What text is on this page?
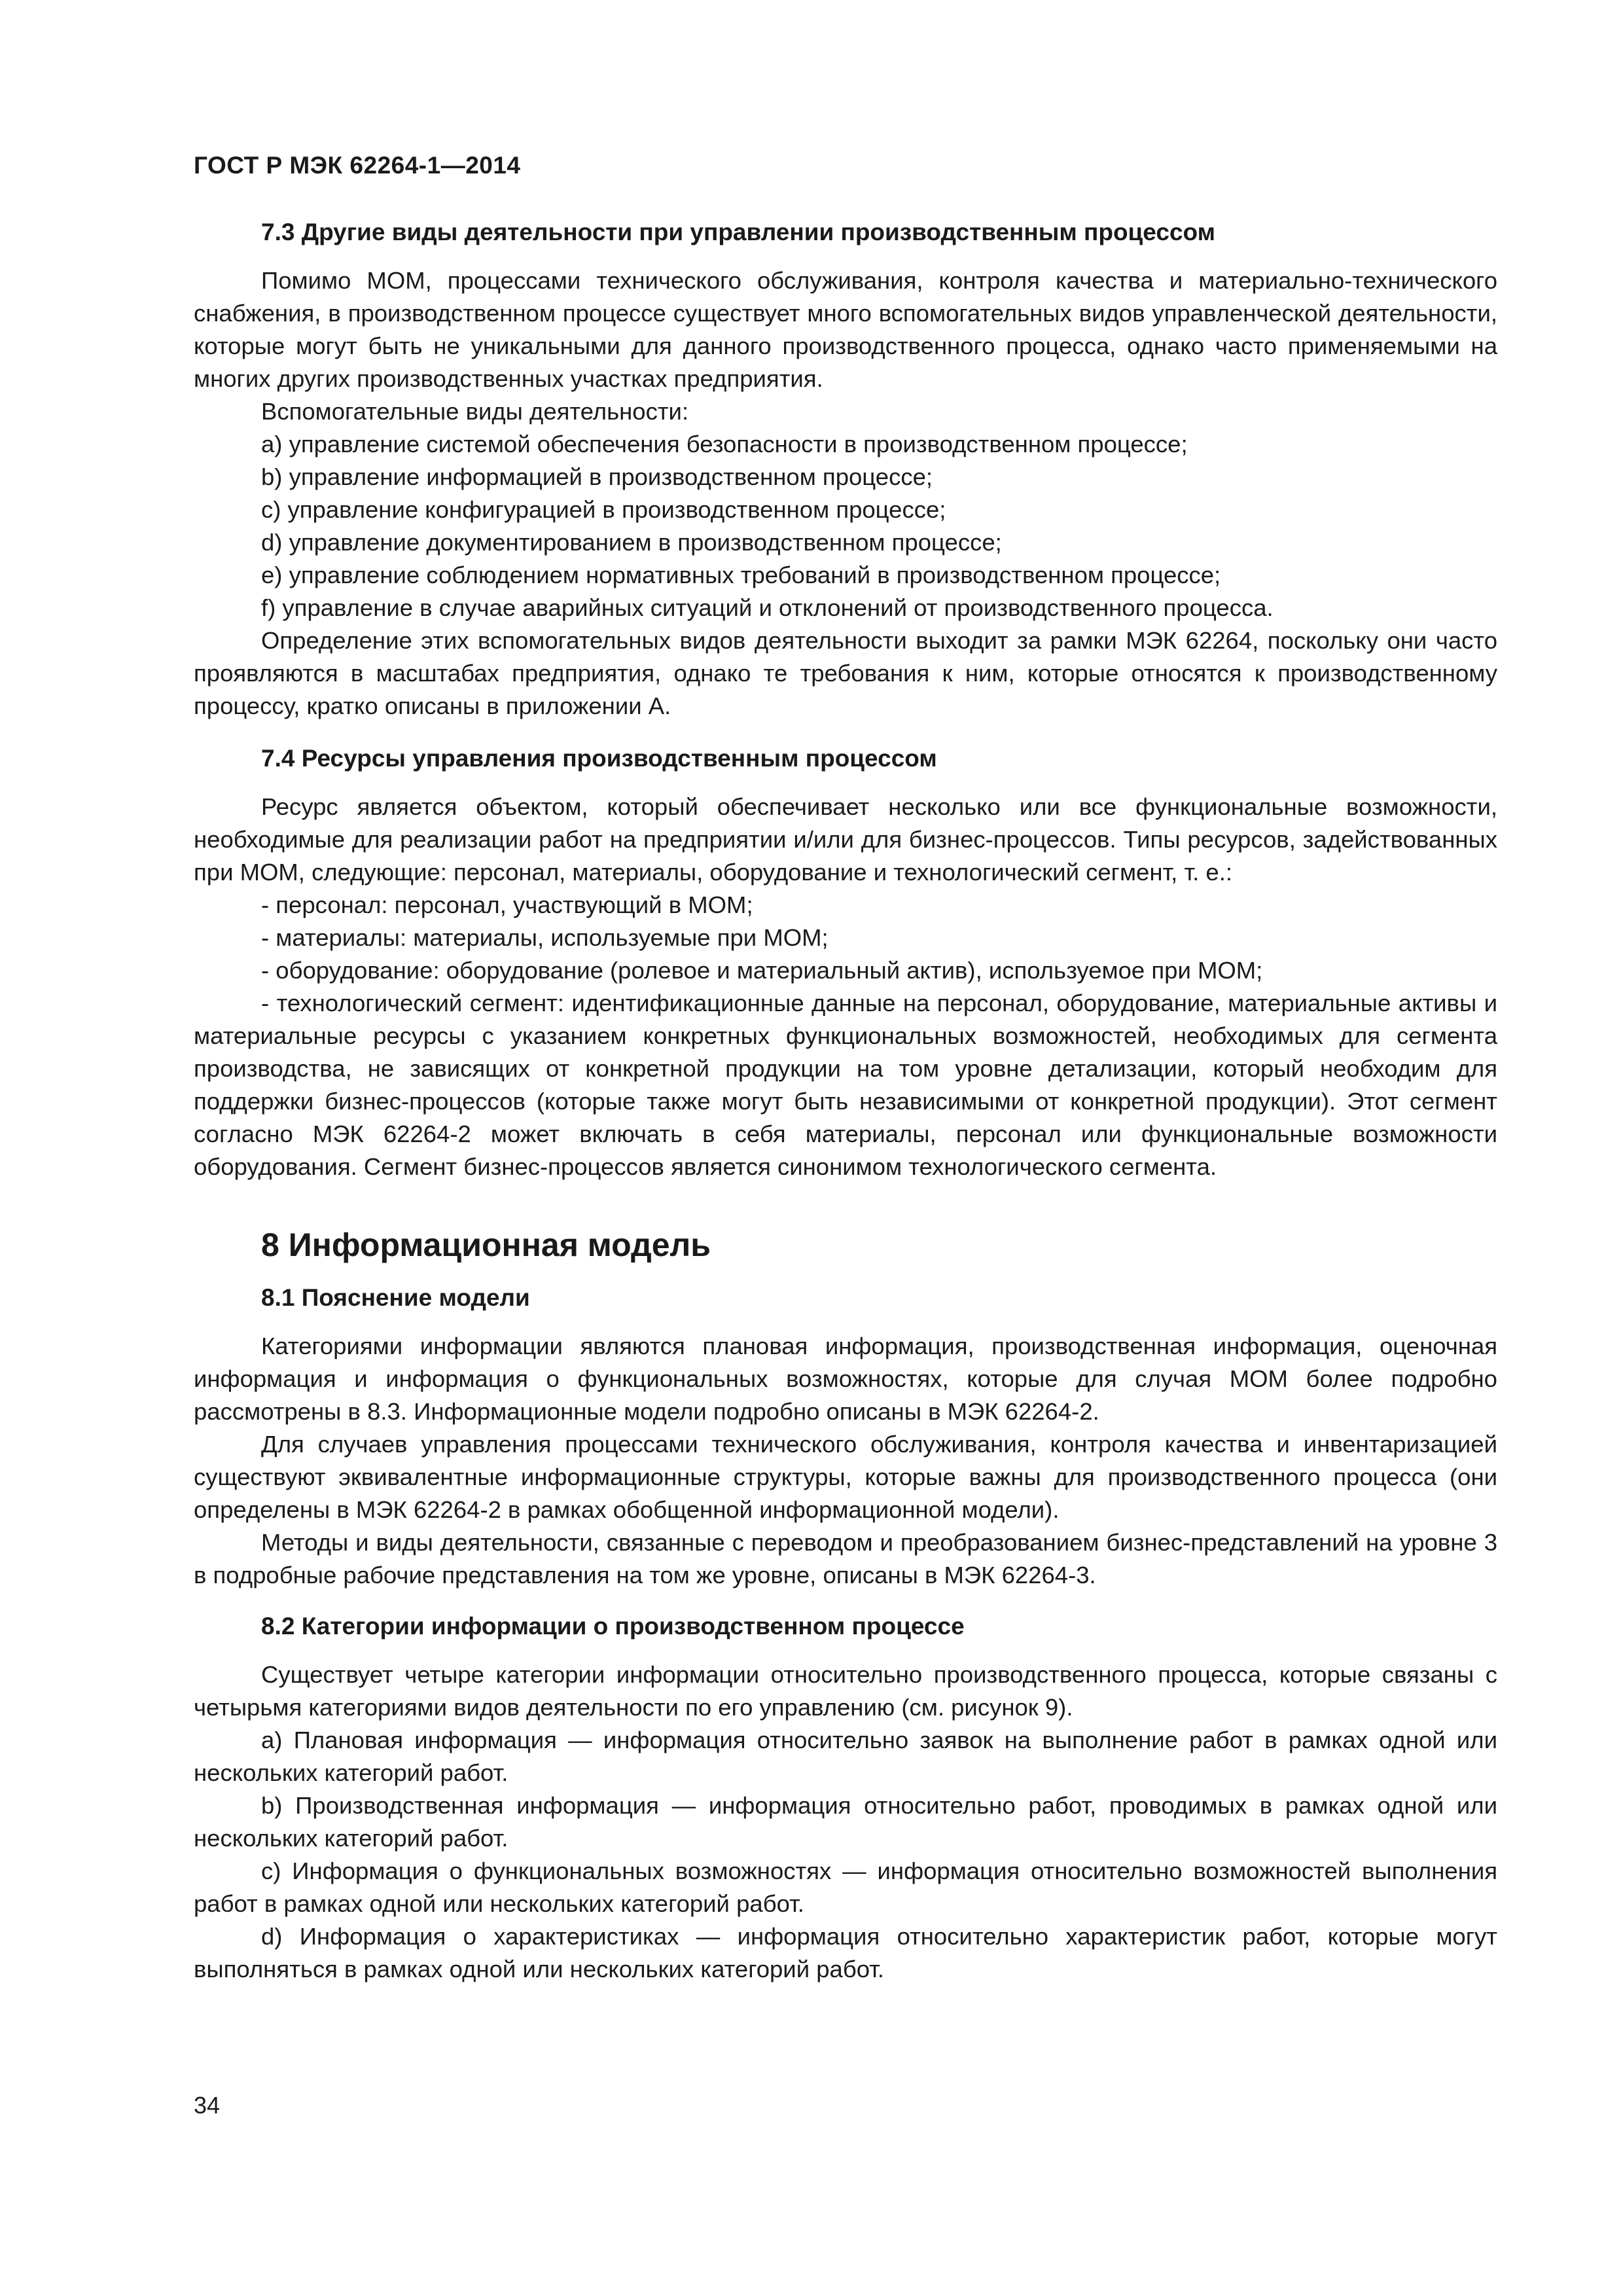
ГОСТ Р МЭК 62264-1—2014
7.3 Другие виды деятельности при управлении производственным процессом

Помимо МОМ, процессами технического обслуживания, контроля качества и материально-технического снабжения, в производственном процессе существует много вспомогательных видов управленческой деятельности, которые могут быть не уникальными для данного производственного процесса, однако часто применяемыми на многих других производственных участках предприятия.

Вспомогательные виды деятельности:

a) управление системой обеспечения безопасности в производственном процессе;

b) управление информацией в производственном процессе;

c) управление конфигурацией в производственном процессе;

d) управление документированием в производственном процессе;

e) управление соблюдением нормативных требований в производственном процессе;

f) управление в случае аварийных ситуаций и отклонений от производственного процесса.

Определение этих вспомогательных видов деятельности выходит за рамки МЭК 62264, поскольку они часто проявляются в масштабах предприятия, однако те требования к ним, которые относятся к производственному процессу, кратко описаны в приложении А.

7.4 Ресурсы управления производственным процессом

Ресурс является объектом, который обеспечивает несколько или все функциональные возможности, необходимые для реализации работ на предприятии и/или для бизнес-процессов. Типы ресурсов, задействованных при МОМ, следующие: персонал, материалы, оборудование и технологический сегмент, т. е.:

- персонал: персонал, участвующий в МОМ;

- материалы: материалы, используемые при МОМ;

- оборудование: оборудование (ролевое и материальный актив), используемое при МОМ;

- технологический сегмент: идентификационные данные на персонал, оборудование, материальные активы и материальные ресурсы с указанием конкретных функциональных возможностей, необходимых для сегмента производства, не зависящих от конкретной продукции на том уровне детализации, который необходим для поддержки бизнес-процессов (которые также могут быть независимыми от конкретной продукции). Этот сегмент согласно МЭК 62264-2 может включать в себя материалы, персонал или функциональные возможности оборудования. Сегмент бизнес-процессов является синонимом технологического сегмента.

8 Информационная модель
8.1 Пояснение модели

Категориями информации являются плановая информация, производственная информация, оценочная информация и информация о функциональных возможностях, которые для случая МОМ более подробно рассмотрены в 8.3. Информационные модели подробно описаны в МЭК 62264-2.

Для случаев управления процессами технического обслуживания, контроля качества и инвентаризацией существуют эквивалентные информационные структуры, которые важны для производственного процесса (они определены в МЭК 62264-2 в рамках обобщенной информационной модели).

Методы и виды деятельности, связанные с переводом и преобразованием бизнес-представлений на уровне 3 в подробные рабочие представления на том же уровне, описаны в МЭК 62264-3.

8.2 Категории информации о производственном процессе

Существует четыре категории информации относительно производственного процесса, которые связаны с четырьмя категориями видов деятельности по его управлению (см. рисунок 9).

a) Плановая информация — информация относительно заявок на выполнение работ в рамках одной или нескольких категорий работ.

b) Производственная информация — информация относительно работ, проводимых в рамках одной или нескольких категорий работ.

c) Информация о функциональных возможностях — информация относительно возможностей выполнения работ в рамках одной или нескольких категорий работ.

d) Информация о характеристиках — информация относительно характеристик работ, которые могут выполняться в рамках одной или нескольких категорий работ.

34
